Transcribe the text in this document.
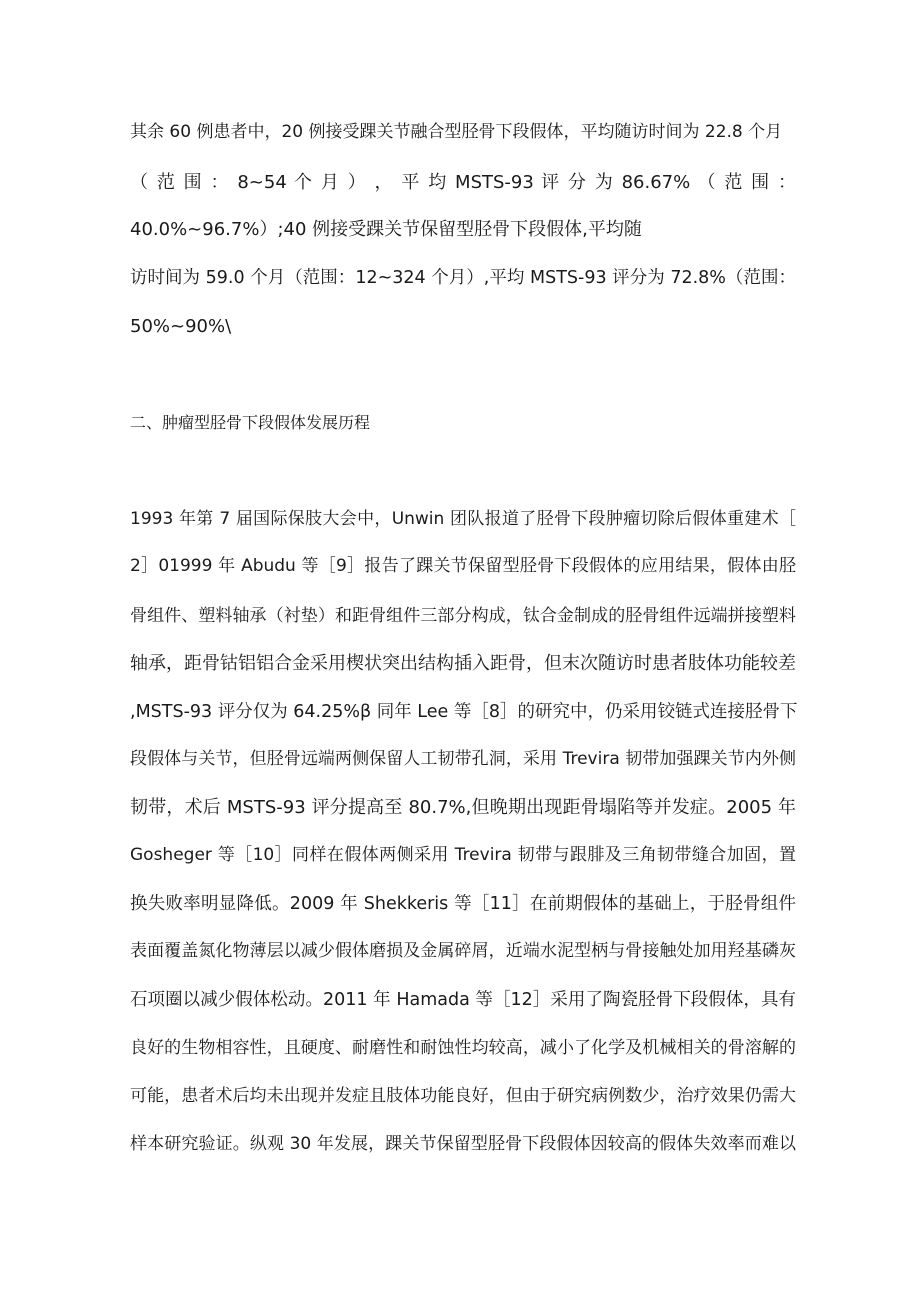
其余 60 例患者中，20 例接受踝关节融合型胫骨下段假体，平均随访时间为 22.8 个月
（ 范 围 ： 8~54 个 月 ） ， 平 均 MSTS-93 评 分 为 86.67% （ 范 围 ：
40.0%~96.7%）;40 例接受踝关节保留型胫骨下段假体,平均随
访时间为 59.0 个月（范围：12~324 个月）,平均 MSTS-93 评分为 72.8%（范围：
50%~90%\
二、肿瘤型胫骨下段假体发展历程
1993 年第 7 届国际保肢大会中，Unwin 团队报道了胫骨下段肿瘤切除后假体重建术［
2］01999 年 Abudu 等［9］报告了踝关节保留型胫骨下段假体的应用结果，假体由胫
骨组件、塑料轴承（衬垫）和距骨组件三部分构成，钛合金制成的胫骨组件远端拼接塑料
轴承，距骨钴铝铝合金采用楔状突出结构插入距骨，但末次随访时患者肢体功能较差
,MSTS-93 评分仅为 64.25%β 同年 Lee 等［8］的研究中，仍采用铰链式连接胫骨下
段假体与关节，但胫骨远端两侧保留人工韧带孔洞，采用 Trevira 韧带加强踝关节内外侧
韧带，术后 MSTS-93 评分提高至 80.7%,但晚期出现距骨塌陷等并发症。2005 年
Gosheger 等［10］同样在假体两侧采用 Trevira 韧带与跟腓及三角韧带缝合加固，置
换失败率明显降低。2009 年 Shekkeris 等［11］在前期假体的基础上，于胫骨组件
表面覆盖氮化物薄层以减少假体磨损及金属碎屑，近端水泥型柄与骨接触处加用羟基磷灰
石项圈以减少假体松动。2011 年 Hamada 等［12］采用了陶瓷胫骨下段假体，具有
良好的生物相容性，且硬度、耐磨性和耐蚀性均较高，减小了化学及机械相关的骨溶解的
可能，患者术后均未出现并发症且肢体功能良好，但由于研究病例数少，治疗效果仍需大
样本研究验证。纵观 30 年发展，踝关节保留型胫骨下段假体因较高的假体失效率而难以
